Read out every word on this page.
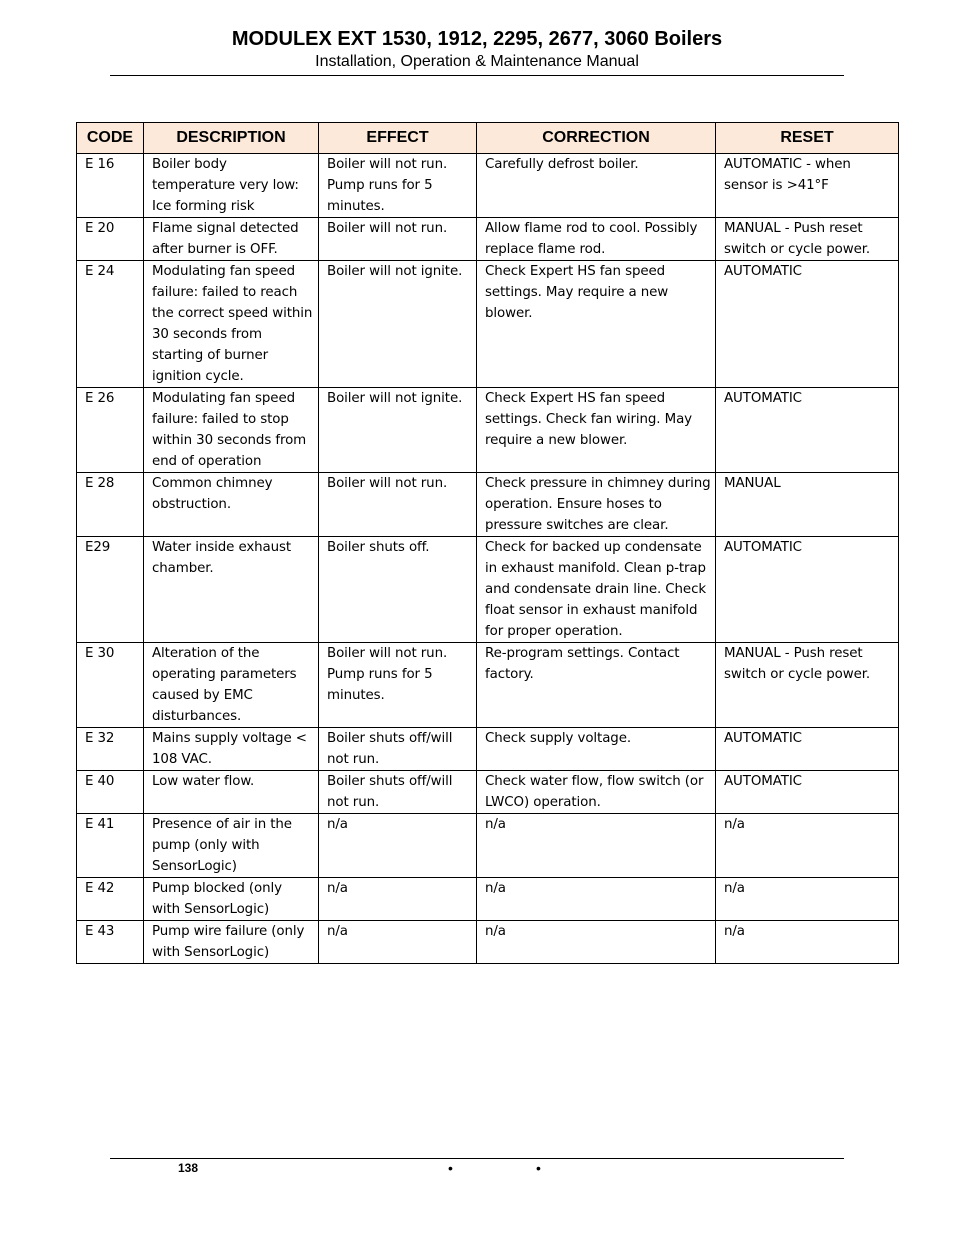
MODULEX EXT 1530, 1912, 2295, 2677, 3060 Boilers
Installation, Operation & Maintenance Manual
CODE	DESCRIPTION	EFFECT	CORRECTION	RESET
E 16	Boiler body temperature very low: Ice forming risk	Boiler will not run. Pump runs for 5 minutes.	Carefully defrost boiler.	AUTOMATIC - when sensor is >41°F
E 20	Flame signal detected after burner is OFF.	Boiler will not run.	Allow flame rod to cool. Possibly replace flame rod.	MANUAL - Push reset switch or cycle power.
E 24	Modulating fan speed failure: failed to reach the correct speed within 30 seconds from starting of burner ignition cycle.	Boiler will not ignite.	Check Expert HS fan speed settings. May require a new blower.	AUTOMATIC
E 26	Modulating fan speed failure: failed to stop within 30 seconds from end of operation	Boiler will not ignite.	Check Expert HS fan speed settings. Check fan wiring. May require a new blower.	AUTOMATIC
E 28	Common chimney obstruction.	Boiler will not run.	Check pressure in chimney during operation. Ensure hoses to pressure switches are clear.	MANUAL
E29	Water inside exhaust chamber.	Boiler shuts off.	Check for backed up condensate in exhaust manifold. Clean p-trap and condensate drain line. Check float sensor in exhaust manifold for proper operation.	AUTOMATIC
E 30	Alteration of the operating parameters caused by EMC disturbances.	Boiler will not run. Pump runs for 5 minutes.	Re-program settings. Contact factory.	MANUAL - Push reset switch or cycle power.
E 32	Mains supply voltage < 108 VAC.	Boiler shuts off/will not run.	Check supply voltage.	AUTOMATIC
E 40	Low water flow.	Boiler shuts off/will not run.	Check water flow, flow switch (or LWCO) operation.	AUTOMATIC
E 41	Presence of air in the pump (only with SensorLogic)	n/a	n/a	n/a
E 42	Pump blocked (only with SensorLogic)	n/a	n/a	n/a
E 43	Pump wire failure (only with SensorLogic)	n/a	n/a	n/a
138	•	•
